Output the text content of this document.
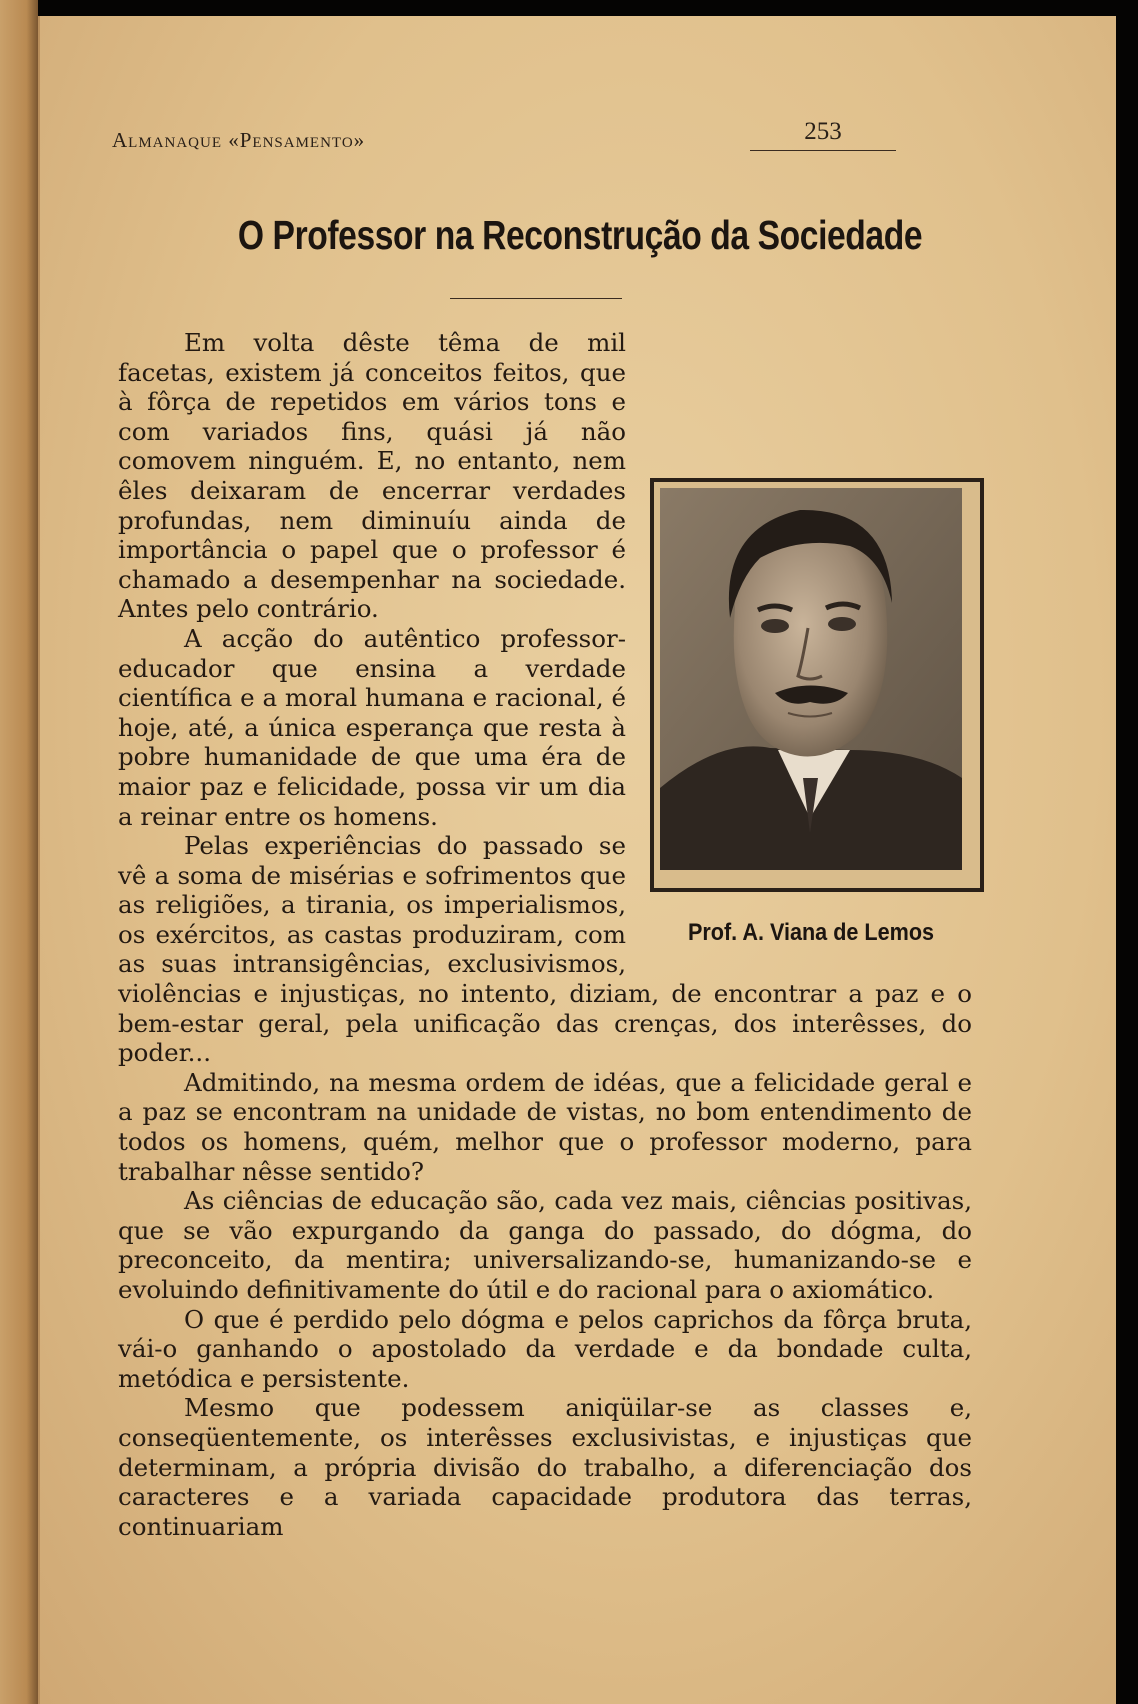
Almanaque «Pensamento»	253
O Professor na Reconstrução da Sociedade
Prof. A. Viana de Lemos

Em volta dêste têma de mil facetas, existem já conceitos feitos, que à fôrça de repetidos em vários tons e com variados fins, quási já não comovem ninguém. E, no entanto, nem êles deixaram de encerrar verdades profundas, nem diminuíu ainda de importância o papel que o professor é chamado a desempenhar na sociedade. Antes pelo contrário.

A acção do autêntico professor-educador que ensina a verdade científica e a moral humana e racional, é hoje, até, a única esperança que resta à pobre humanidade de que uma éra de maior paz e felicidade, possa vir um dia a reinar entre os homens.

Pelas experiências do passado se vê a soma de misérias e sofrimentos que as religiões, a tirania, os imperialismos, os exércitos, as castas produziram, com as suas intransigências, exclusivismos, violências e injustiças, no intento, diziam, de encontrar a paz e o bem-estar geral, pela unificação das crenças, dos interêsses, do poder...

Admitindo, na mesma ordem de idéas, que a felicidade geral e a paz se encontram na unidade de vistas, no bom entendimento de todos os homens, quém, melhor que o professor moderno, para trabalhar nêsse sentido?

As ciências de educação são, cada vez mais, ciências positivas, que se vão expurgando da ganga do passado, do dógma, do preconceito, da mentira; universalizando-se, humanizando-se e evoluindo definitivamente do útil e do racional para o axiomático.

O que é perdido pelo dógma e pelos caprichos da fôrça bruta, vái-o ganhando o apostolado da verdade e da bondade culta, metódica e persistente.

Mesmo que podessem aniqüilar-se as classes e, conseqüentemente, os interêsses exclusivistas, e injustiças que determinam, a própria divisão do trabalho, a diferenciação dos caracteres e a variada capacidade produtora das terras, continuariam
